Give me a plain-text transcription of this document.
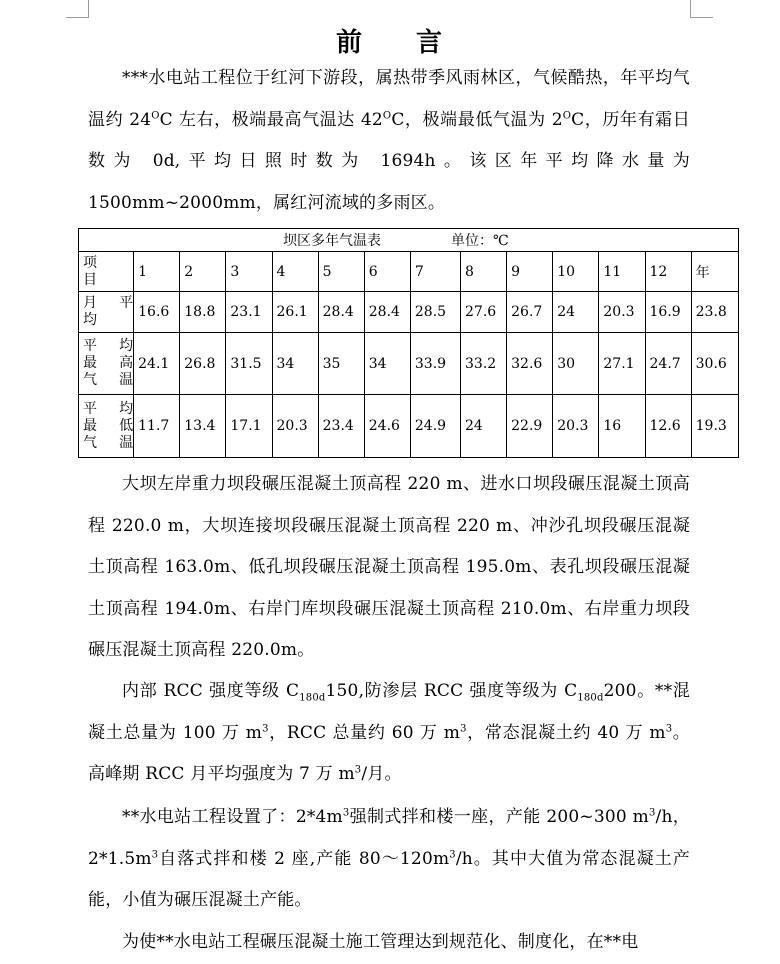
前 言
***水电站工程位于红河下游段，属热带季风雨林区，气候酷热，年平均气温约 $24^OC$ 左右，极端最高气温达 $42^OC$，极端最低气温为 $2^OC$，历年有霜日数为 0d,平均日照时数为 1694h。该区年平均降水量为 1500mm~2000mm，属红河流域的多雨区。
坝区多年气温表 单位：℃													

项
目	1	2	3	4	5	6	7	8	9	10	11	12	年

月 平
均	16.6	18.8	23.1	26.1	28.4	28.4	28.5	27.6	26.7	24	20.3	16.9	23.8

平 均
最 高
气 温	24.1	26.8	31.5	34	35	34	33.9	33.2	32.6	30	27.1	24.7	30.6

平 均
最 低
气 温	11.7	13.4	17.1	20.3	23.4	24.6	24.9	24	22.9	20.3	16	12.6	19.3
大坝左岸重力坝段碾压混凝土顶高程 220 m、进水口坝段碾压混凝土顶高程 220.0 m，大坝连接坝段碾压混凝土顶高程 220 m、冲沙孔坝段碾压混凝土顶高程 163.0m、低孔坝段碾压混凝土顶高程 195.0m、表孔坝段碾压混凝土顶高程 194.0m、右岸门库坝段碾压混凝土顶高程 210.0m、右岸重力坝段碾压混凝土顶高程 220.0m。
内部 RCC 强度等级 $C_{180d}150$,防渗层 RCC 强度等级为 $C_{180d}200$。**混凝土总量为 100 万 $m^3$，RCC 总量约 60 万 $m^3$，常态混凝土约 40 万 $m^3$。高峰期 RCC 月平均强度为 7 万 $m^3/$月。
**水电站工程设置了：$2*4m^3$强制式拌和楼一座，产能 200~300 $m^3/h$，$2*1.5m^3$自落式拌和楼 2 座,产能 $80\sim 120m^3/h$。其中大值为常态混凝土产能，小值为碾压混凝土产能。
为使**水电站工程碾压混凝土施工管理达到规范化、制度化，在**电
